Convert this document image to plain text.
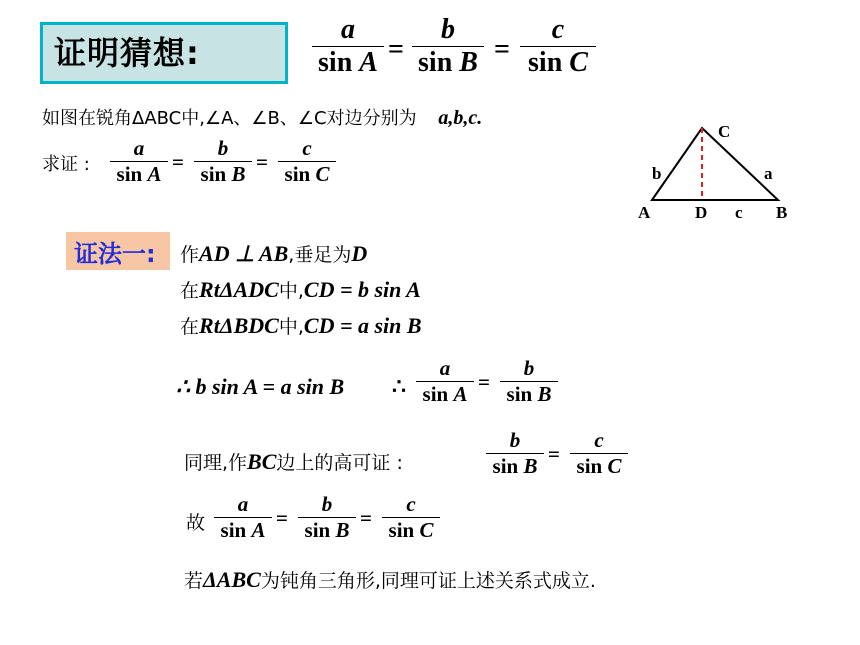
证明猜想:
a
sin A =
b
sin B =
c
sin C
如图在锐角ΔABC中,∠A、∠B、∠C对边分别为 a,b,c.
求证 :
a
sin A =
b
sin B =
c
sin C
C
A	D	B
b	a
c
证法一: 作AD ⊥ AB,垂足为D
在RtΔADC中,CD = b sin A
在RtΔBDC中,CD = a sin B
∴ b sin A = a sin B ∴
a
sin A =
b
sin B
同理,作BC边上的高可证 :
b
sin B =
c
sin C
故
a
sin A =
b
sin B =
c
sin C
若ΔABC为钝角三角形,同理可证上述关系式成立.
